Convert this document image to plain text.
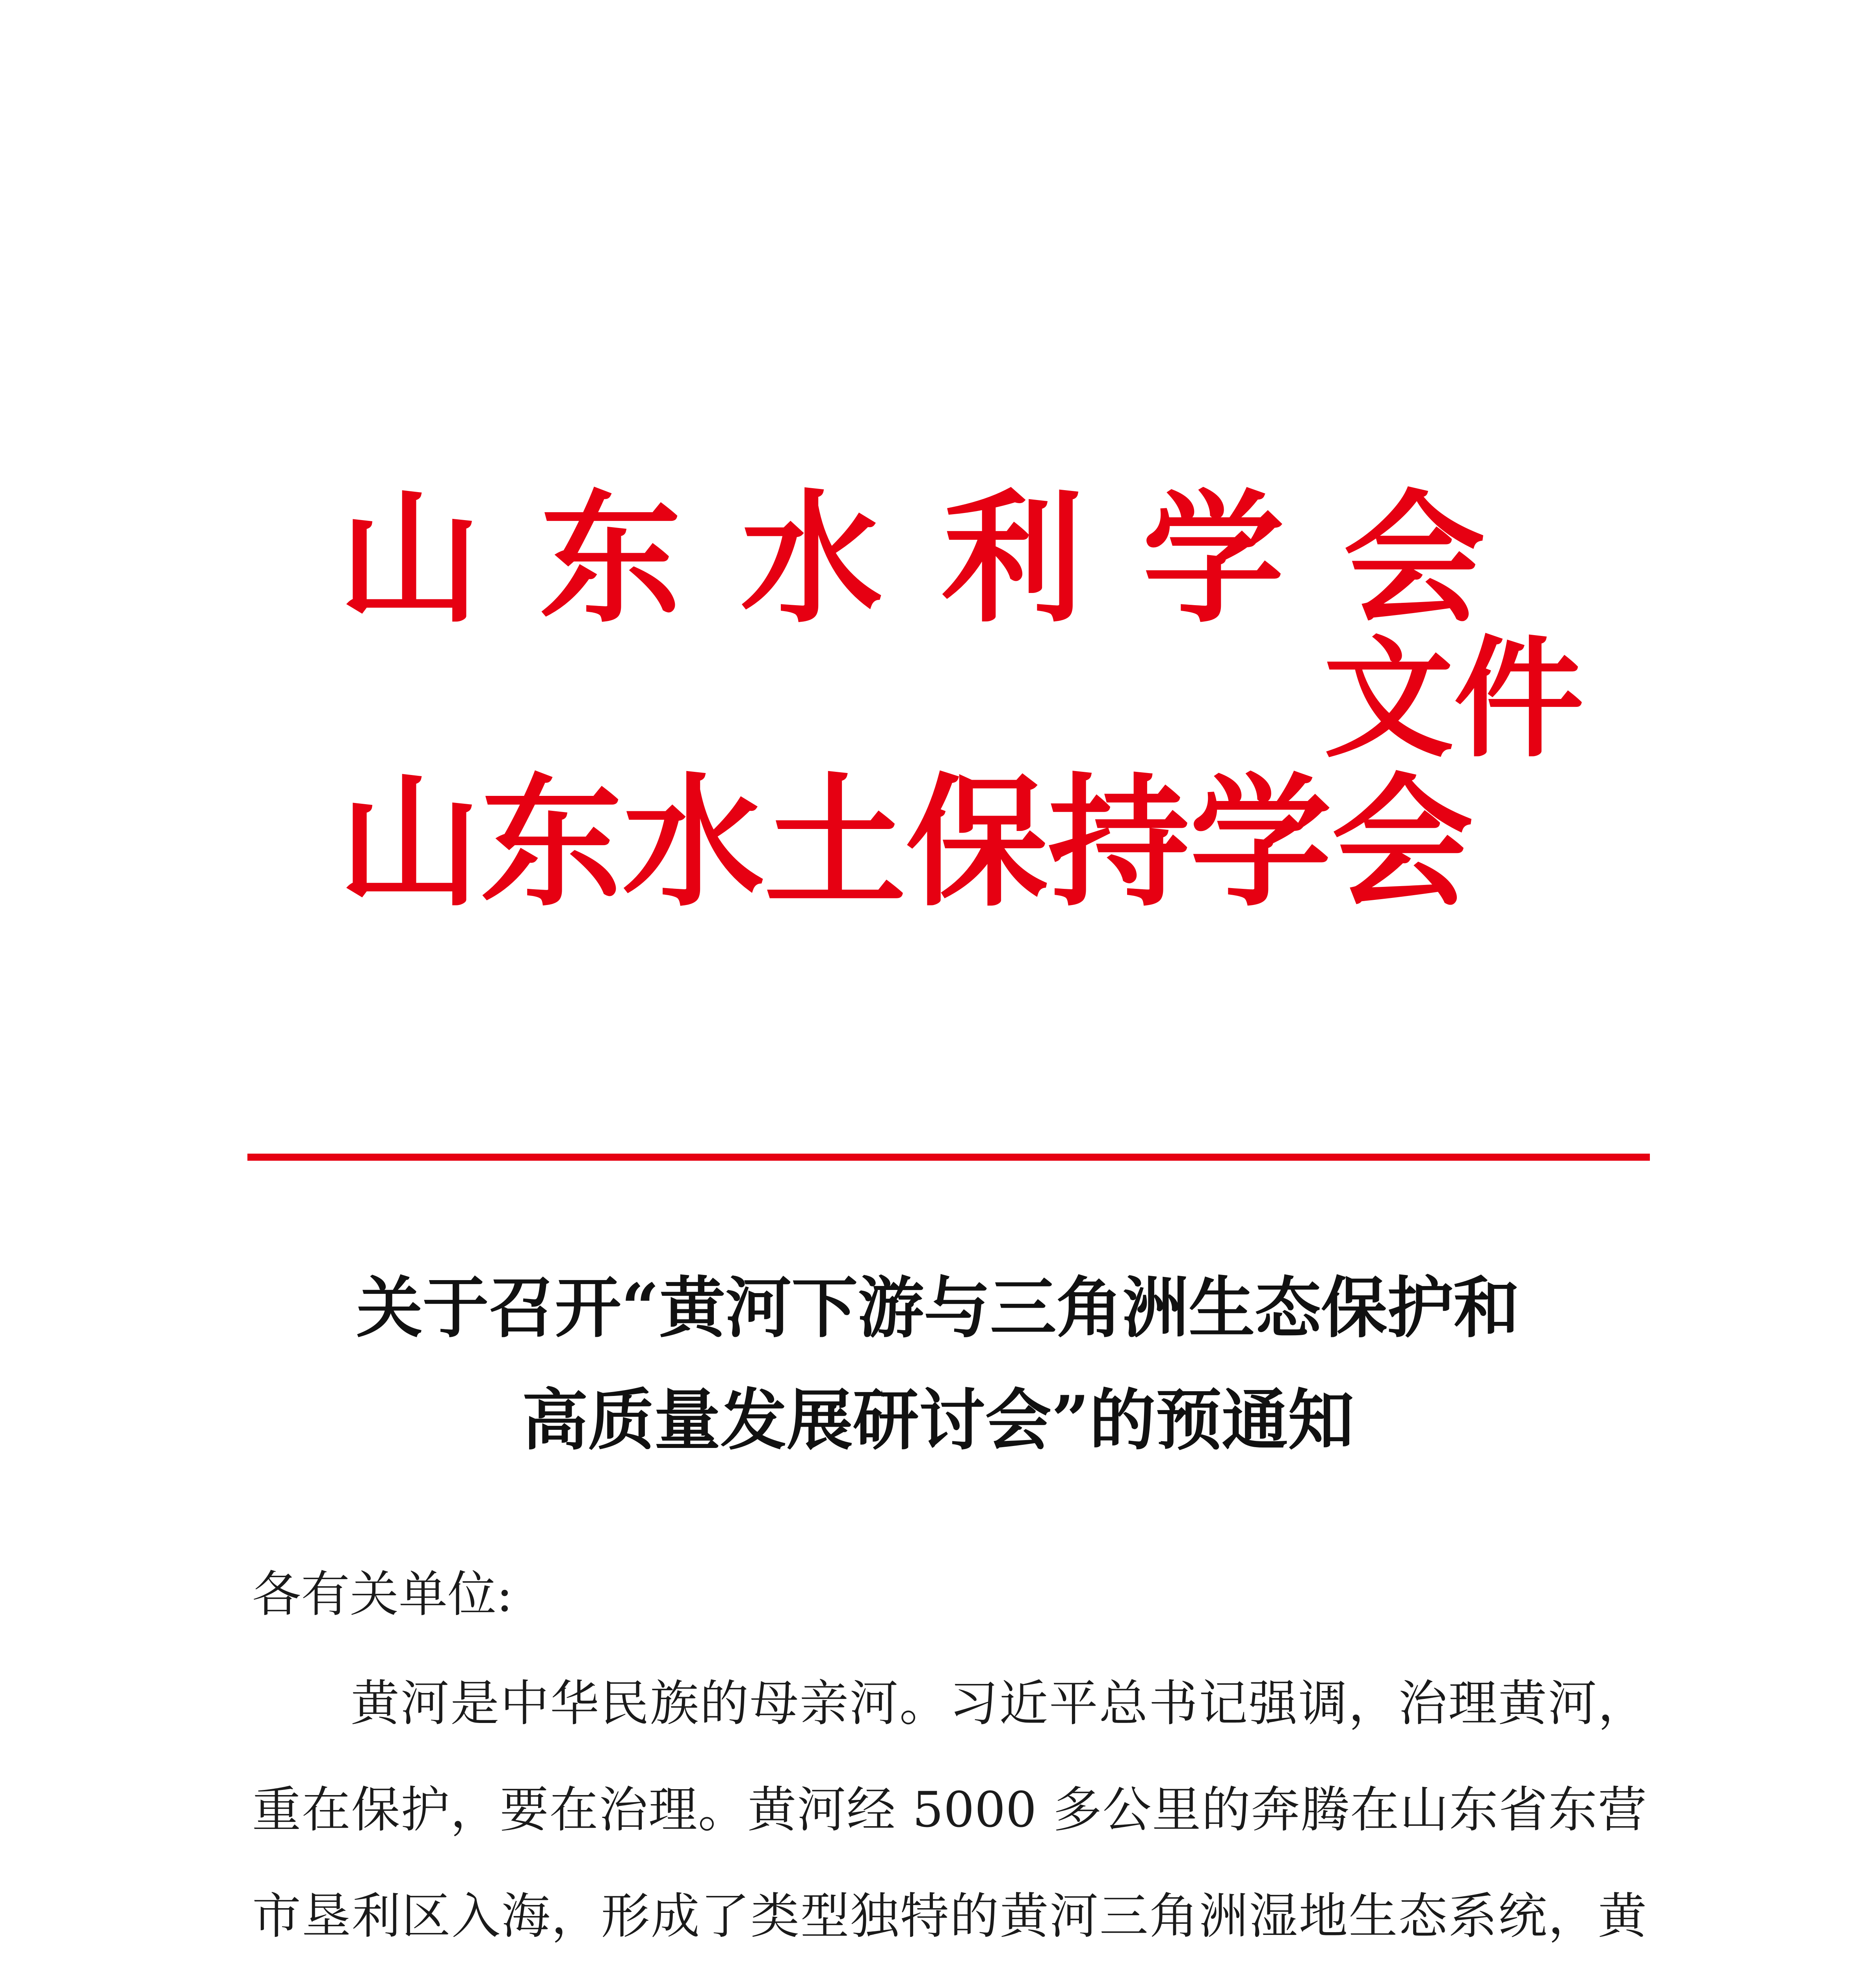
山东水利学会
山东水土保持学会
文件
关于召开“黄河下游与三角洲生态保护和
高质量发展研讨会”的预通知
各有关单位:
黄河是中华民族的母亲河。习近平总书记强调，治理黄河，
重在保护，要在治理。黄河经 5000 多公里的奔腾在山东省东营
市垦利区入海，形成了类型独特的黄河三角洲湿地生态系统，黄
